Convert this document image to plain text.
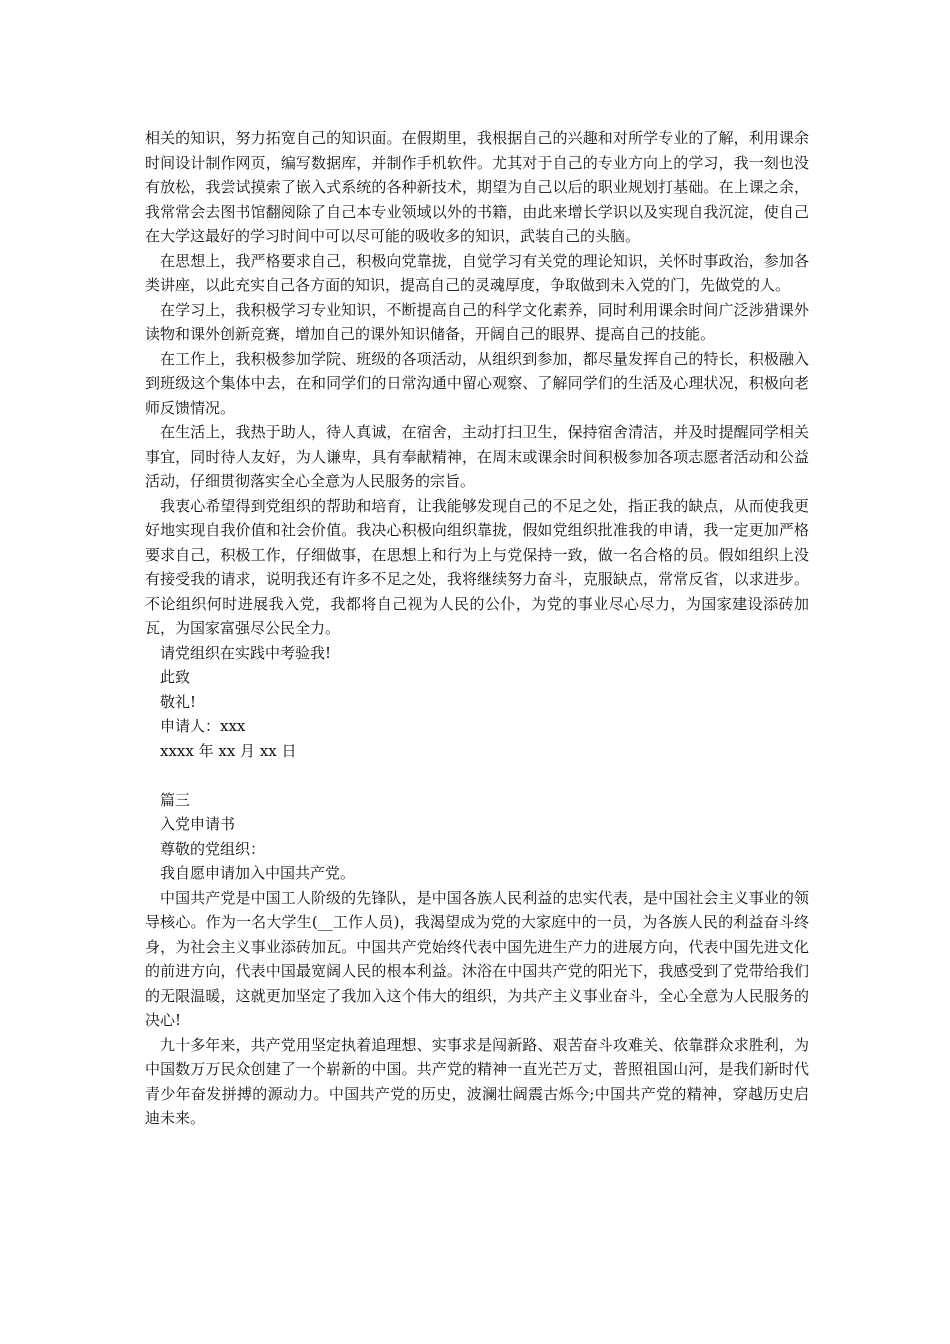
相关的知识，努力拓宽自己的知识面。在假期里，我根据自己的兴趣和对所学专业的了解，利用课余时间设计制作网页，编写数据库，并制作手机软件。尤其对于自己的专业方向上的学习，我一刻也没有放松，我尝试摸索了嵌入式系统的各种新技术，期望为自己以后的职业规划打基础。在上课之余，我常常会去图书馆翻阅除了自己本专业领域以外的书籍，由此来增长学识以及实现自我沉淀，使自己在大学这最好的学习时间中可以尽可能的吸收多的知识，武装自己的头脑。

在思想上，我严格要求自己，积极向党靠拢，自觉学习有关党的理论知识，关怀时事政治，参加各类讲座，以此充实自己各方面的知识，提高自己的灵魂厚度，争取做到未入党的门，先做党的人。

在学习上，我积极学习专业知识，不断提高自己的科学文化素养，同时利用课余时间广泛涉猎课外读物和课外创新竞赛，增加自己的课外知识储备，开阔自己的眼界、提高自己的技能。

在工作上，我积极参加学院、班级的各项活动，从组织到参加，都尽量发挥自己的特长，积极融入到班级这个集体中去，在和同学们的日常沟通中留心观察、了解同学们的生活及心理状况，积极向老师反馈情况。

在生活上，我热于助人，待人真诚，在宿舍，主动打扫卫生，保持宿舍清洁，并及时提醒同学相关事宜，同时待人友好，为人谦卑，具有奉献精神，在周末或课余时间积极参加各项志愿者活动和公益活动，仔细贯彻落实全心全意为人民服务的宗旨。

我衷心希望得到党组织的帮助和培育，让我能够发现自己的不足之处，指正我的缺点，从而使我更好地实现自我价值和社会价值。我决心积极向组织靠拢，假如党组织批准我的申请，我一定更加严格要求自己，积极工作，仔细做事，在思想上和行为上与党保持一致，做一名合格的员。假如组织上没有接受我的请求，说明我还有许多不足之处，我将继续努力奋斗，克服缺点，常常反省，以求进步。不论组织何时进展我入党，我都将自己视为人民的公仆，为党的事业尽心尽力，为国家建设添砖加瓦，为国家富强尽公民全力。

请党组织在实践中考验我!

此致

敬礼!

申请人：xxx

xxxx 年 xx 月 xx 日

篇三

入党申请书

尊敬的党组织：

我自愿申请加入中国共产党。

中国共产党是中国工人阶级的先锋队，是中国各族人民利益的忠实代表，是中国社会主义事业的领导核心。作为一名大学生(__工作人员)，我渴望成为党的大家庭中的一员，为各族人民的利益奋斗终身，为社会主义事业添砖加瓦。中国共产党始终代表中国先进生产力的进展方向，代表中国先进文化的前进方向，代表中国最宽阔人民的根本利益。沐浴在中国共产党的阳光下，我感受到了党带给我们的无限温暖，这就更加坚定了我加入这个伟大的组织，为共产主义事业奋斗，全心全意为人民服务的决心!

九十多年来，共产党用坚定执着追理想、实事求是闯新路、艰苦奋斗攻难关、依靠群众求胜利，为中国数万万民众创建了一个崭新的中国。共产党的精神一直光芒万丈，普照祖国山河，是我们新时代青少年奋发拼搏的源动力。中国共产党的历史，波澜壮阔震古烁今;中国共产党的精神，穿越历史启迪未来。
